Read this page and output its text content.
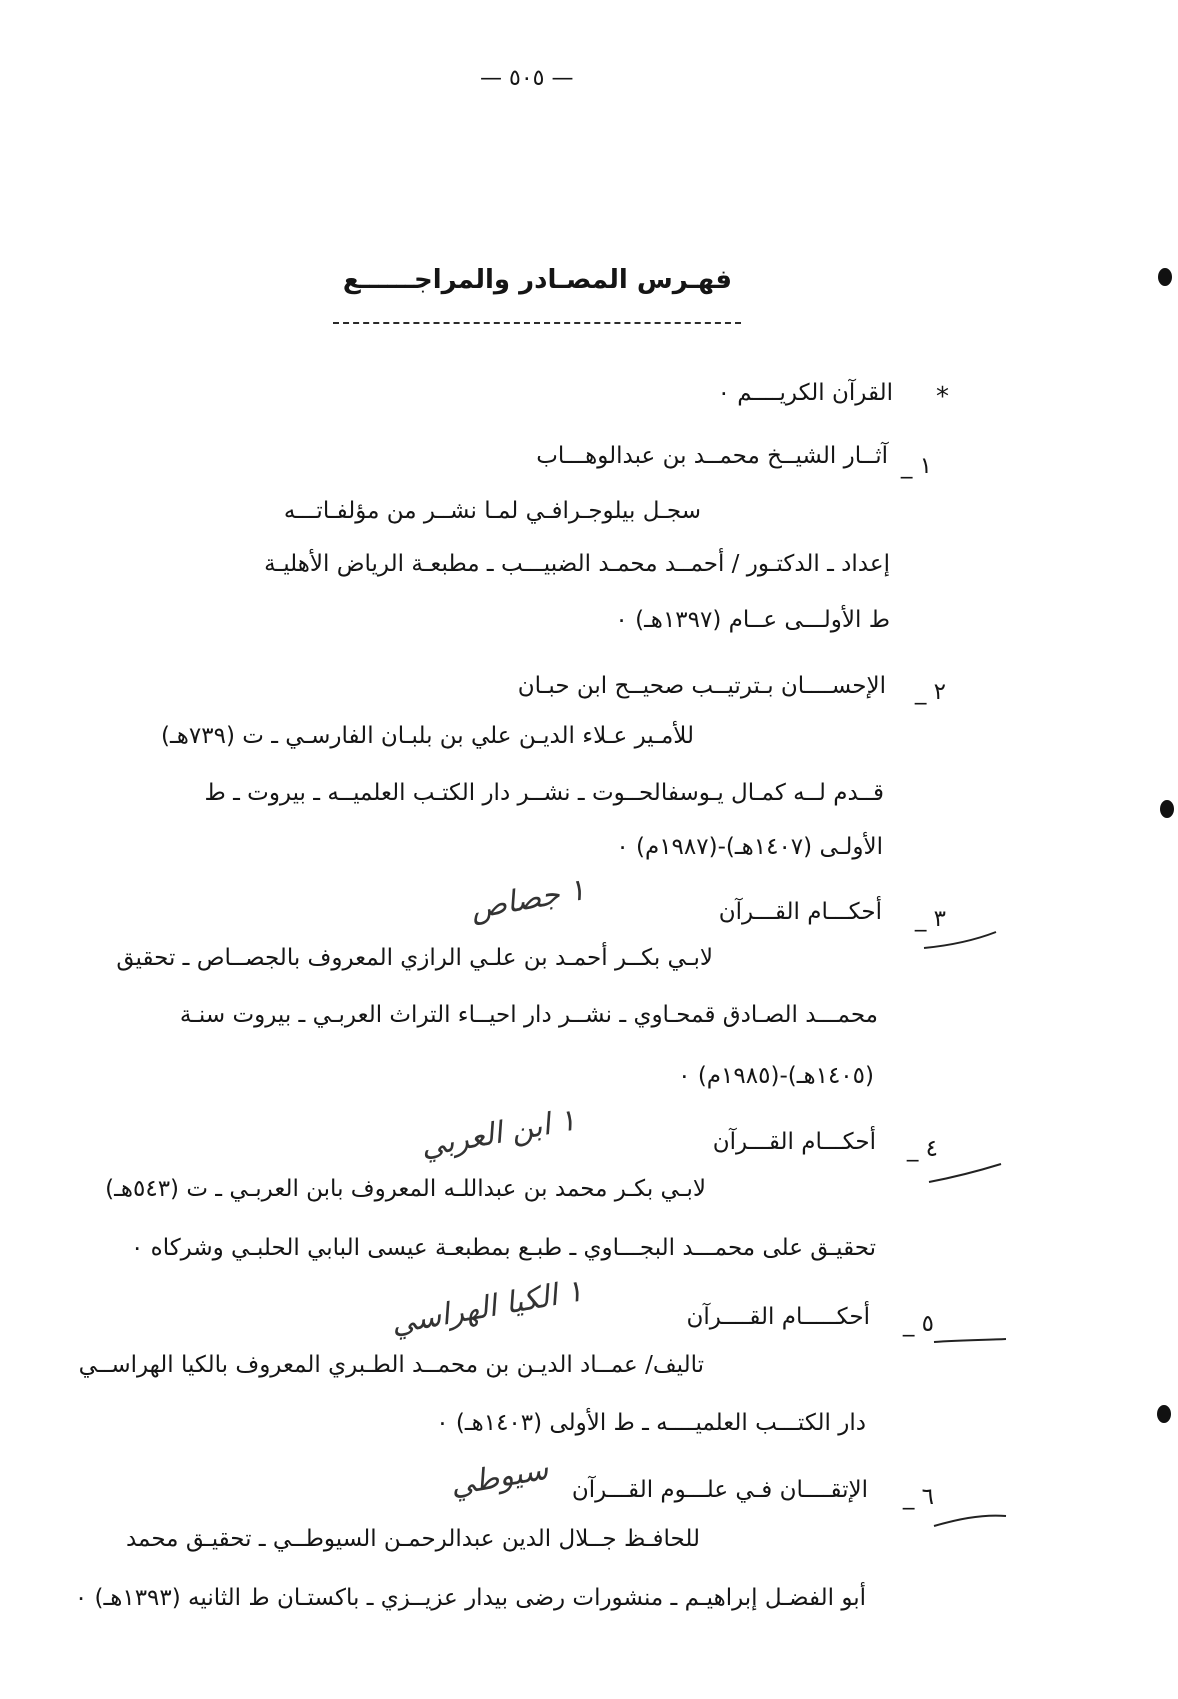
— ٥٠٥ —
فهـرس المصـادر والمراجــــــع
*
القرآن الكريــــم ٠
١ _
آثــار الشيــخ محمــد بن عبدالوهـــاب
سجـل بيلوجـرافـي لمـا نشــر من مؤلفـاتـــه
إعداد ـ الدكتـور / أحمــد محمـد الضبيـــب ـ مطبعـة الرياض الأهليـة
ط الأولـــى عــام (١٣٩٧هـ) ٠
٢ _
الإحســــان بـترتيــب صحيــح ابن حبـان
للأمـير عـلاء الديـن علي بن بلبـان الفارسـي ـ ت (٧٣٩هـ)
قــدم لــه كمـال يـوسفالحــوت ـ نشــر دار الكتـب العلميــه ـ بيروت ـ ط
الأولـى (١٤٠٧هـ)-(١٩٨٧م) ٠
٣ _
أحكـــام القـــرآن
١ جصاص
لابـي بكــر أحمـد بن علـي الرازي المعروف بالجصــاص ـ تحقيق
محمـــد الصـادق قمحـاوي ـ نشــر دار احيــاء التراث العربـي ـ بيروت سنـة
(١٤٠٥هـ)-(١٩٨٥م) ٠
٤ _
أحكـــام القـــرآن
١ ابن العربي
لابـي بكـر محمد بن عبداللـه المعروف بابن العربـي ـ ت (٥٤٣هـ)
تحقيـق على محمـــد البجـــاوي ـ طبـع بمطبعـة عيسى البابي الحلبـي وشركاه ٠
٥ _
أحكـــــام القــــرآن
١ الكيا الهراسي
تاليف/ عمــاد الديـن بن محمــد الطـبري المعروف بالكيا الهراســي
دار الكتـــب العلميــــه ـ ط الأولى (١٤٠٣هـ) ٠
٦ _
الإتقــــان فـي علـــوم القـــرآن
سيوطي
للحافـظ جــلال الدين عبدالرحمـن السيوطــي ـ تحقيـق محمد
أبو الفضـل إبراهيـم ـ منشورات رضى بيدار عزيــزي ـ باكستـان ط الثانيه (١٣٩٣هـ) ٠
